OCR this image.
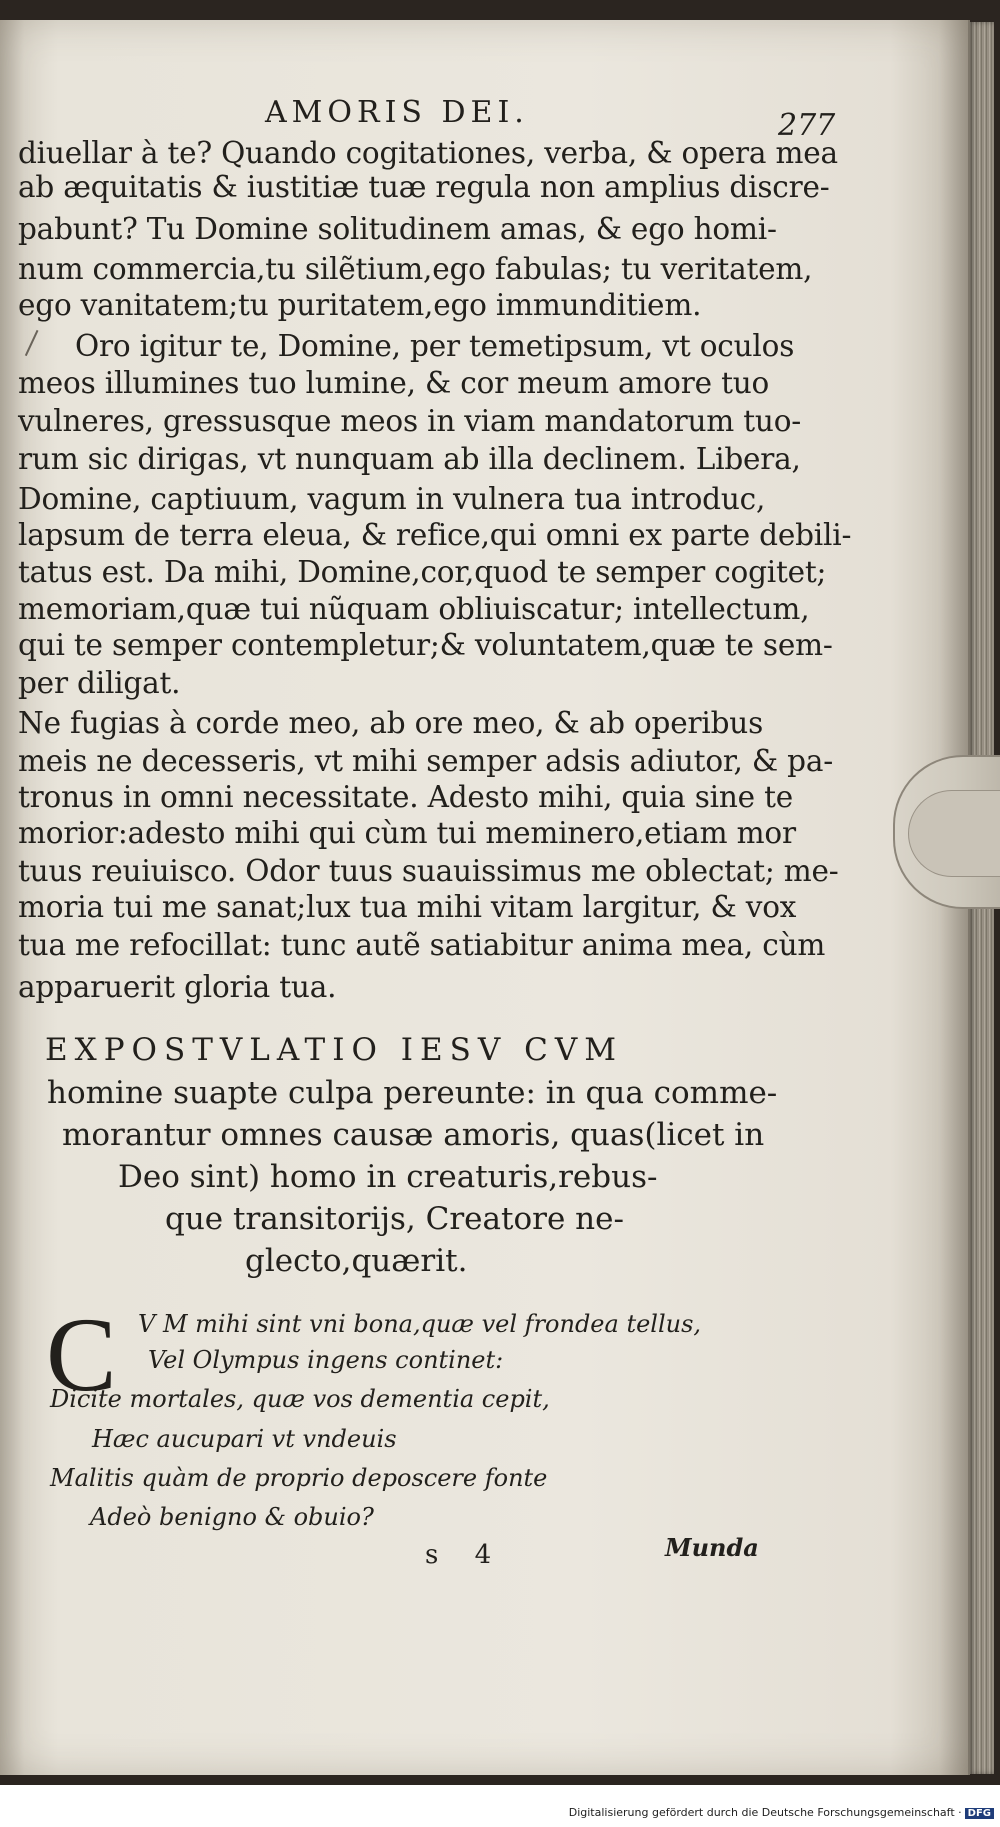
AMORIS DEI.	277
diuellar à te? Quando cogitationes, verba, & opera mea
ab æquitatis & iustitiæ tuæ regula non amplius discre-
pabunt? Tu Domine solitudinem amas, & ego homi-
num commercia,tu silẽtium,ego fabulas; tu veritatem,
ego vanitatem;tu puritatem,ego immunditiem.
Oro igitur te, Domine, per temetipsum, vt oculos
meos illumines tuo lumine, & cor meum amore tuo
vulneres, gressusque meos in viam mandatorum tuo-
rum sic dirigas, vt nunquam ab illa declinem. Libera,
Domine, captiuum, vagum in vulnera tua introduc,
lapsum de terra eleua, & refice,qui omni ex parte debili-
tatus est. Da mihi, Domine,cor,quod te semper cogitet;
memoriam,quæ tui nũquam obliuiscatur; intellectum,
qui te semper contempletur;& voluntatem,quæ te sem-
per diligat.
Ne fugias à corde meo, ab ore meo, & ab operibus
meis ne decesseris, vt mihi semper adsis adiutor, & pa-
tronus in omni necessitate. Adesto mihi, quia sine te
morior:adesto mihi qui cùm tui meminero,etiam mor
tuus reuiuisco. Odor tuus suauissimus me oblectat; me-
moria tui me sanat;lux tua mihi vitam largitur, & vox
tua me refocillat: tunc autẽ satiabitur anima mea, cùm
apparuerit gloria tua.
EXPOSTVLATIO IESV CVM
homine suapte culpa pereunte: in qua comme-
morantur omnes causæ amoris, quas(licet in
Deo sint) homo in creaturis,rebus-
que transitorijs, Creatore ne-
glecto,quærit.
C V M mihi sint vni bona,quæ vel frondea tellus,
Vel Olympus ingens continet:
Dicite mortales, quæ vos dementia cepit,
Hæc aucupari vt vndeuis
Malitis quàm de proprio deposcere fonte
Adeò benigno & obuio?
s 4	Munda
Digitalisierung gefördert durch die Deutsche Forschungsgemeinschaft · DFG
